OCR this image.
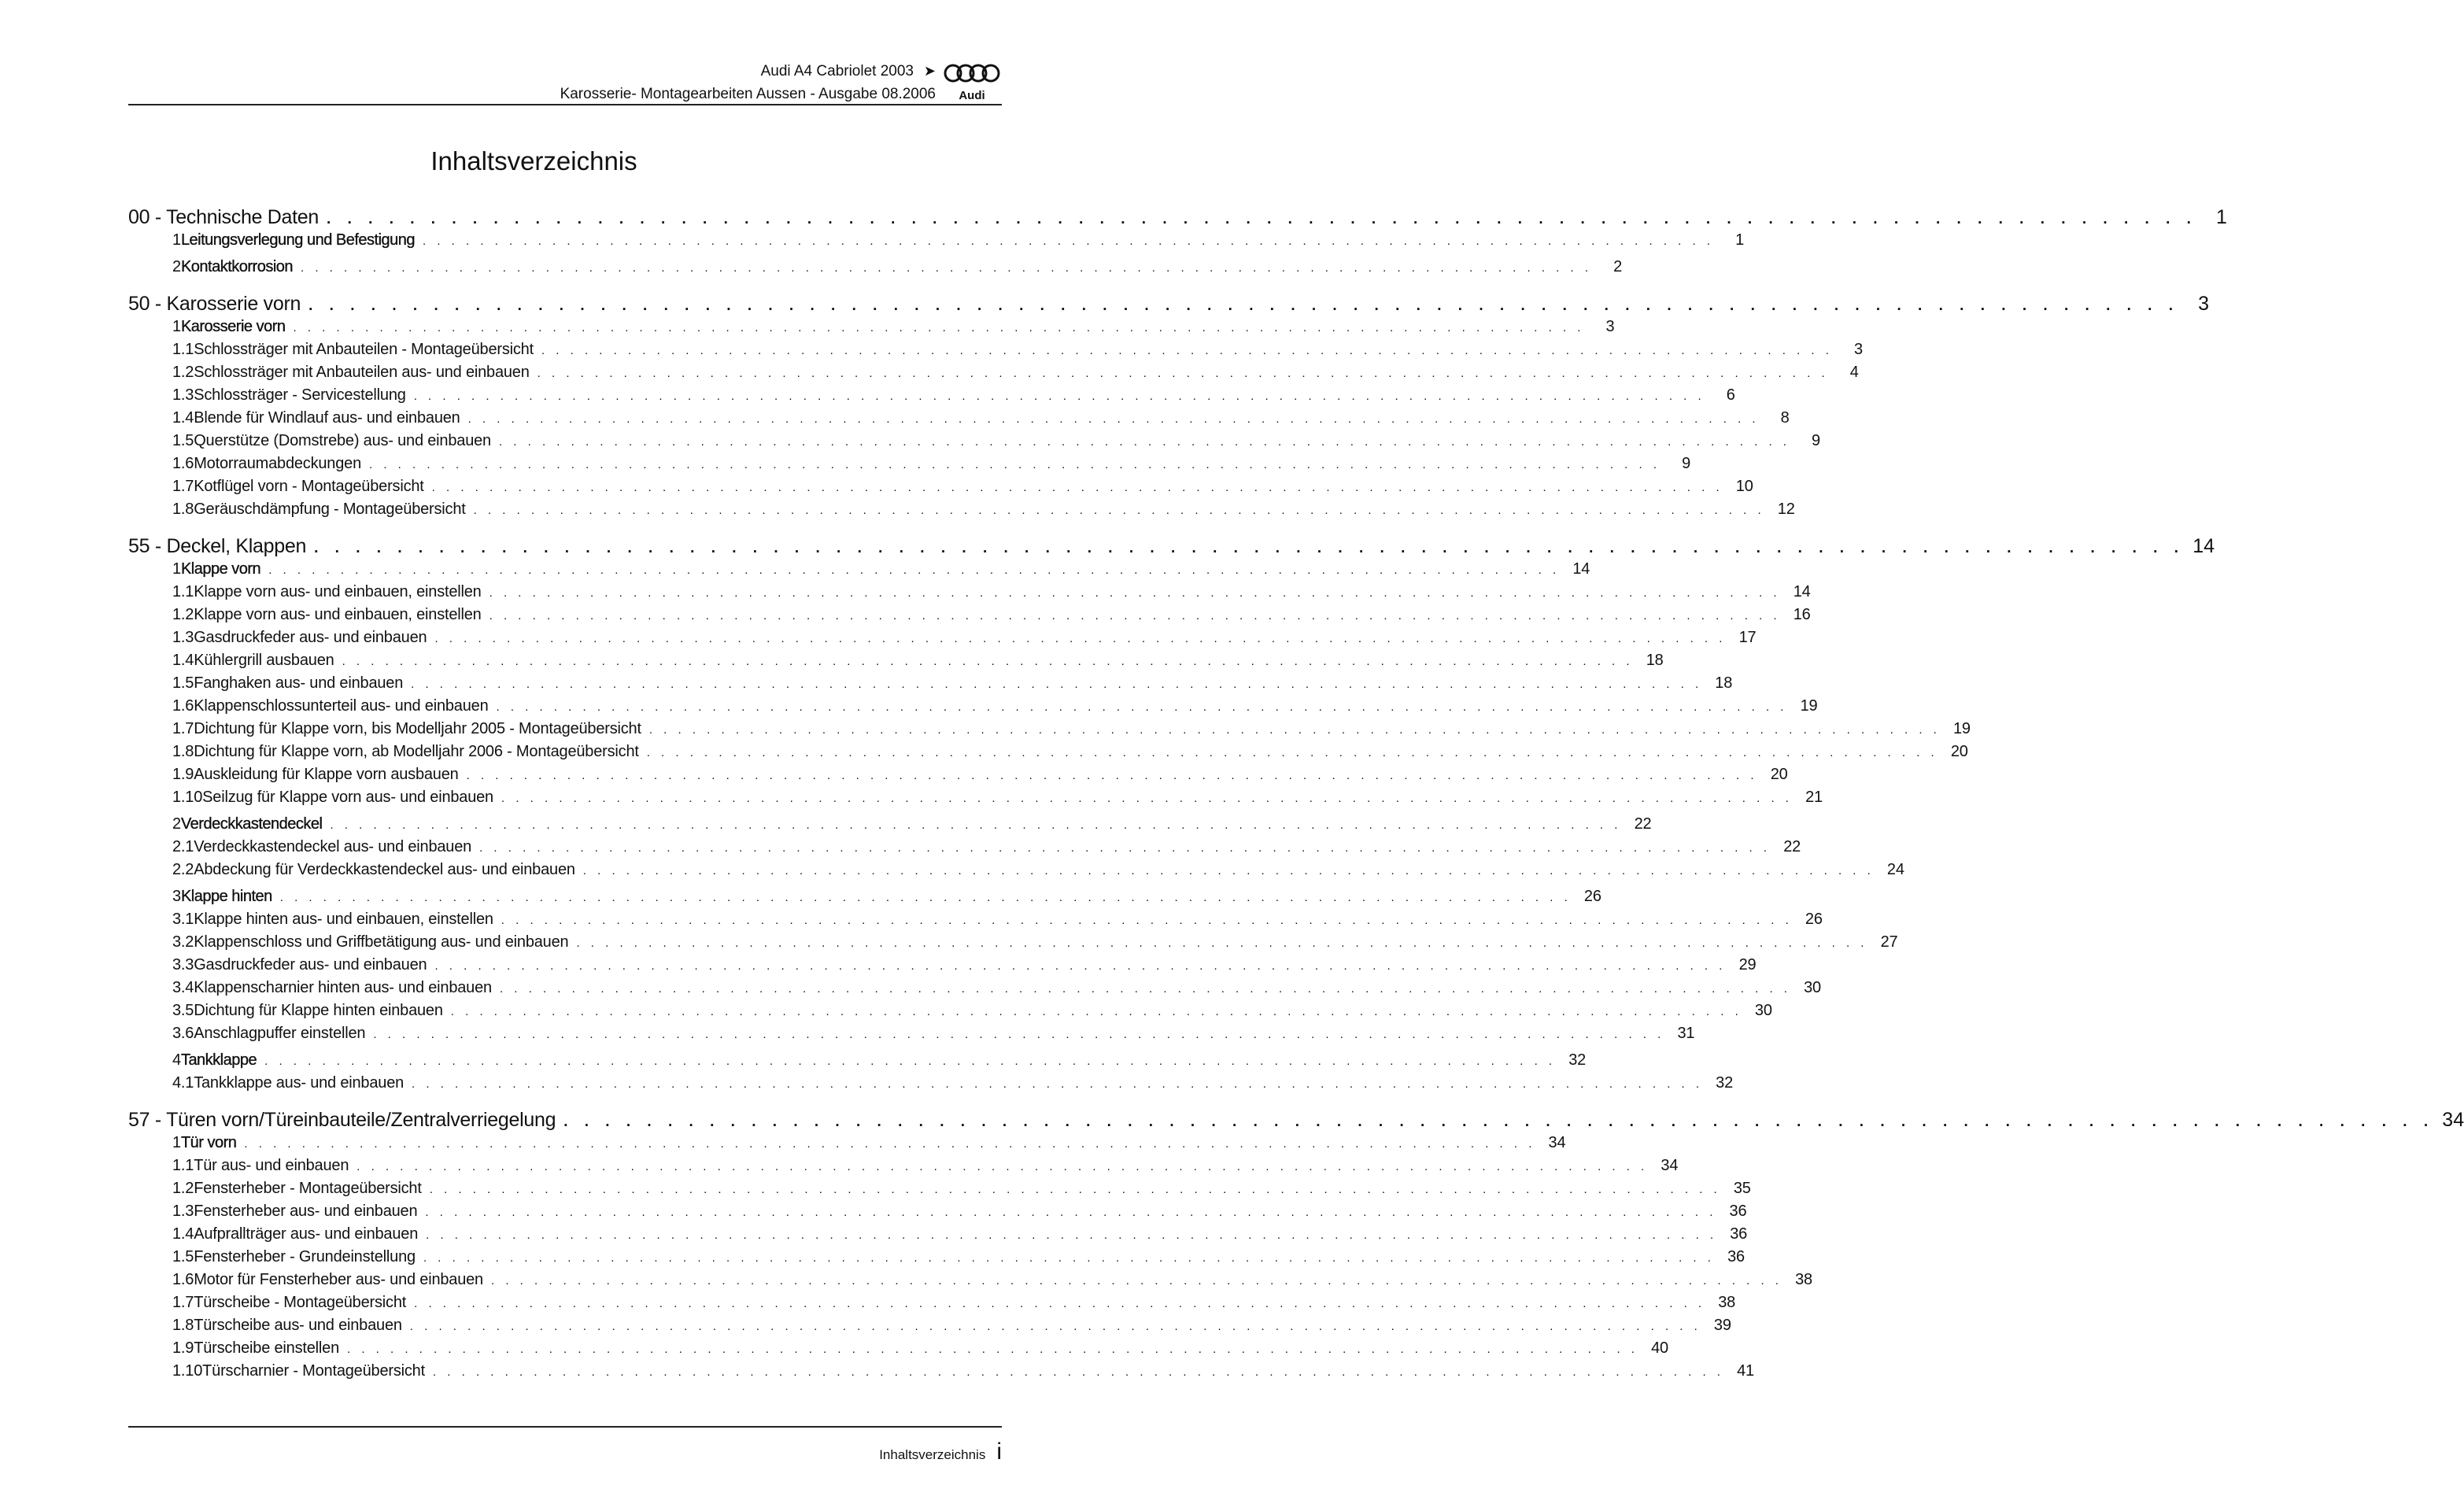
Audi A4 Cabriolet 2003 ➤
Karosserie- Montagearbeiten Aussen - Ausgabe 08.2006 Audi
Inhaltsverzeichnis
00 - Technische Daten . . . . . . . . . . . . . . . . . . . . . . . . . . . . . . . . . . . . . . . . . . . . . . . . . . . . . . . . . . . . . . . . . . . . . . . . . . . . . . . . . . . . . . . . . . 1
1 Leitungsverlegung und Befestigung . . . . . . . . . . . . . . . . . . . . . . . . . . . . . . . . . . . . . . . . . . . . . . . . . . . . . . . . . . . . . . . . . . . . . . . . . . . . . . . . . . . . . . . . . .	1
2 Kontaktkorrosion . . . . . . . . . . . . . . . . . . . . . . . . . . . . . . . . . . . . . . . . . . . . . . . . . . . . . . . . . . . . . . . . . . . . . . . . . . . . . . . . . . . . . . . . . .	2
50 - Karosserie vorn . . . . . . . . . . . . . . . . . . . . . . . . . . . . . . . . . . . . . . . . . . . . . . . . . . . . . . . . . . . . . . . . . . . . . . . . . . . . . . . . . . . . . . . . . . 3
1 Karosserie vorn . . . . . . . . . . . . . . . . . . . . . . . . . . . . . . . . . . . . . . . . . . . . . . . . . . . . . . . . . . . . . . . . . . . . . . . . . . . . . . . . . . . . . . . . . .	3
1.1 Schlossträger mit Anbauteilen - Montageübersicht . . . . . . . . . . . . . . . . . . . . . . . . . . . . . . . . . . . . . . . . . . . . . . . . . . . . . . . . . . . . . . . . . . . . . . . . . . . . . . . . . . . . . . . . . .	3
1.2 Schlossträger mit Anbauteilen aus- und einbauen . . . . . . . . . . . . . . . . . . . . . . . . . . . . . . . . . . . . . . . . . . . . . . . . . . . . . . . . . . . . . . . . . . . . . . . . . . . . . . . . . . . . . . . . . .	4
1.3 Schlossträger - Servicestellung . . . . . . . . . . . . . . . . . . . . . . . . . . . . . . . . . . . . . . . . . . . . . . . . . . . . . . . . . . . . . . . . . . . . . . . . . . . . . . . . . . . . . . . . . .	6
1.4 Blende für Windlauf aus- und einbauen . . . . . . . . . . . . . . . . . . . . . . . . . . . . . . . . . . . . . . . . . . . . . . . . . . . . . . . . . . . . . . . . . . . . . . . . . . . . . . . . . . . . . . . . . .	8
1.5 Querstütze (Domstrebe) aus- und einbauen . . . . . . . . . . . . . . . . . . . . . . . . . . . . . . . . . . . . . . . . . . . . . . . . . . . . . . . . . . . . . . . . . . . . . . . . . . . . . . . . . . . . . . . . . .	9
1.6 Motorraumabdeckungen . . . . . . . . . . . . . . . . . . . . . . . . . . . . . . . . . . . . . . . . . . . . . . . . . . . . . . . . . . . . . . . . . . . . . . . . . . . . . . . . . . . . . . . . . .	9
1.7 Kotflügel vorn - Montageübersicht . . . . . . . . . . . . . . . . . . . . . . . . . . . . . . . . . . . . . . . . . . . . . . . . . . . . . . . . . . . . . . . . . . . . . . . . . . . . . . . . . . . . . . . . . . 10
1.8 Geräuschdämpfung - Montageübersicht . . . . . . . . . . . . . . . . . . . . . . . . . . . . . . . . . . . . . . . . . . . . . . . . . . . . . . . . . . . . . . . . . . . . . . . . . . . . . . . . . . . . . . . . . . 12
55 - Deckel, Klappen . . . . . . . . . . . . . . . . . . . . . . . . . . . . . . . . . . . . . . . . . . . . . . . . . . . . . . . . . . . . . . . . . . . . . . . . . . . . . . . . . . . . . . . . . . 14
1 Klappe vorn . . . . . . . . . . . . . . . . . . . . . . . . . . . . . . . . . . . . . . . . . . . . . . . . . . . . . . . . . . . . . . . . . . . . . . . . . . . . . . . . . . . . . . . . . . 14
1.1 Klappe vorn aus- und einbauen, einstellen . . . . . . . . . . . . . . . . . . . . . . . . . . . . . . . . . . . . . . . . . . . . . . . . . . . . . . . . . . . . . . . . . . . . . . . . . . . . . . . . . . . . . . . . . . 14
1.2 Klappe vorn aus- und einbauen, einstellen . . . . . . . . . . . . . . . . . . . . . . . . . . . . . . . . . . . . . . . . . . . . . . . . . . . . . . . . . . . . . . . . . . . . . . . . . . . . . . . . . . . . . . . . . . 16
1.3 Gasdruckfeder aus- und einbauen . . . . . . . . . . . . . . . . . . . . . . . . . . . . . . . . . . . . . . . . . . . . . . . . . . . . . . . . . . . . . . . . . . . . . . . . . . . . . . . . . . . . . . . . . . 17
1.4 Kühlergrill ausbauen . . . . . . . . . . . . . . . . . . . . . . . . . . . . . . . . . . . . . . . . . . . . . . . . . . . . . . . . . . . . . . . . . . . . . . . . . . . . . . . . . . . . . . . . . . 18
1.5 Fanghaken aus- und einbauen . . . . . . . . . . . . . . . . . . . . . . . . . . . . . . . . . . . . . . . . . . . . . . . . . . . . . . . . . . . . . . . . . . . . . . . . . . . . . . . . . . . . . . . . . . 18
1.6 Klappenschlossunterteil aus- und einbauen . . . . . . . . . . . . . . . . . . . . . . . . . . . . . . . . . . . . . . . . . . . . . . . . . . . . . . . . . . . . . . . . . . . . . . . . . . . . . . . . . . . . . . . . . . 19
1.7 Dichtung für Klappe vorn, bis Modelljahr 2005 - Montageübersicht . . . . . . . . . . . . . . . . . . . . . . . . . . . . . . . . . . . . . . . . . . . . . . . . . . . . . . . . . . . . . . . . . . . . . . . . . . . . . . . . . . . . . . . . . . 19
1.8 Dichtung für Klappe vorn, ab Modelljahr 2006 - Montageübersicht . . . . . . . . . . . . . . . . . . . . . . . . . . . . . . . . . . . . . . . . . . . . . . . . . . . . . . . . . . . . . . . . . . . . . . . . . . . . . . . . . . . . . . . . . . 20
1.9 Auskleidung für Klappe vorn ausbauen . . . . . . . . . . . . . . . . . . . . . . . . . . . . . . . . . . . . . . . . . . . . . . . . . . . . . . . . . . . . . . . . . . . . . . . . . . . . . . . . . . . . . . . . . . 20
1.10 Seilzug für Klappe vorn aus- und einbauen . . . . . . . . . . . . . . . . . . . . . . . . . . . . . . . . . . . . . . . . . . . . . . . . . . . . . . . . . . . . . . . . . . . . . . . . . . . . . . . . . . . . . . . . . . 21
2 Verdeckkastendeckel . . . . . . . . . . . . . . . . . . . . . . . . . . . . . . . . . . . . . . . . . . . . . . . . . . . . . . . . . . . . . . . . . . . . . . . . . . . . . . . . . . . . . . . . . . 22
2.1 Verdeckkastendeckel aus- und einbauen . . . . . . . . . . . . . . . . . . . . . . . . . . . . . . . . . . . . . . . . . . . . . . . . . . . . . . . . . . . . . . . . . . . . . . . . . . . . . . . . . . . . . . . . . . 22
2.2 Abdeckung für Verdeckkastendeckel aus- und einbauen . . . . . . . . . . . . . . . . . . . . . . . . . . . . . . . . . . . . . . . . . . . . . . . . . . . . . . . . . . . . . . . . . . . . . . . . . . . . . . . . . . . . . . . . . . 24
3 Klappe hinten . . . . . . . . . . . . . . . . . . . . . . . . . . . . . . . . . . . . . . . . . . . . . . . . . . . . . . . . . . . . . . . . . . . . . . . . . . . . . . . . . . . . . . . . . . 26
3.1 Klappe hinten aus- und einbauen, einstellen . . . . . . . . . . . . . . . . . . . . . . . . . . . . . . . . . . . . . . . . . . . . . . . . . . . . . . . . . . . . . . . . . . . . . . . . . . . . . . . . . . . . . . . . . . 26
3.2 Klappenschloss und Griffbetätigung aus- und einbauen . . . . . . . . . . . . . . . . . . . . . . . . . . . . . . . . . . . . . . . . . . . . . . . . . . . . . . . . . . . . . . . . . . . . . . . . . . . . . . . . . . . . . . . . . . 27
3.3 Gasdruckfeder aus- und einbauen . . . . . . . . . . . . . . . . . . . . . . . . . . . . . . . . . . . . . . . . . . . . . . . . . . . . . . . . . . . . . . . . . . . . . . . . . . . . . . . . . . . . . . . . . . 29
3.4 Klappenscharnier hinten aus- und einbauen . . . . . . . . . . . . . . . . . . . . . . . . . . . . . . . . . . . . . . . . . . . . . . . . . . . . . . . . . . . . . . . . . . . . . . . . . . . . . . . . . . . . . . . . . . 30
3.5 Dichtung für Klappe hinten einbauen . . . . . . . . . . . . . . . . . . . . . . . . . . . . . . . . . . . . . . . . . . . . . . . . . . . . . . . . . . . . . . . . . . . . . . . . . . . . . . . . . . . . . . . . . . 30
3.6 Anschlagpuffer einstellen . . . . . . . . . . . . . . . . . . . . . . . . . . . . . . . . . . . . . . . . . . . . . . . . . . . . . . . . . . . . . . . . . . . . . . . . . . . . . . . . . . . . . . . . . . 31
4 Tankklappe . . . . . . . . . . . . . . . . . . . . . . . . . . . . . . . . . . . . . . . . . . . . . . . . . . . . . . . . . . . . . . . . . . . . . . . . . . . . . . . . . . . . . . . . . . 32
4.1 Tankklappe aus- und einbauen . . . . . . . . . . . . . . . . . . . . . . . . . . . . . . . . . . . . . . . . . . . . . . . . . . . . . . . . . . . . . . . . . . . . . . . . . . . . . . . . . . . . . . . . . . 32
57 - Türen vorn/Türeinbauteile/Zentralverriegelung . . . . . . . . . . . . . . . . . . . . . . . . . . . . . . . . . . . . . . . . . . . . . . . . . . . . . . . . . . . . . . . . . . . . . . . . . . . . . . . . . . . . . . . . . . 34
1 Tür vorn . . . . . . . . . . . . . . . . . . . . . . . . . . . . . . . . . . . . . . . . . . . . . . . . . . . . . . . . . . . . . . . . . . . . . . . . . . . . . . . . . . . . . . . . . . 34
1.1 Tür aus- und einbauen . . . . . . . . . . . . . . . . . . . . . . . . . . . . . . . . . . . . . . . . . . . . . . . . . . . . . . . . . . . . . . . . . . . . . . . . . . . . . . . . . . . . . . . . . . 34
1.2 Fensterheber - Montageübersicht . . . . . . . . . . . . . . . . . . . . . . . . . . . . . . . . . . . . . . . . . . . . . . . . . . . . . . . . . . . . . . . . . . . . . . . . . . . . . . . . . . . . . . . . . . 35
1.3 Fensterheber aus- und einbauen . . . . . . . . . . . . . . . . . . . . . . . . . . . . . . . . . . . . . . . . . . . . . . . . . . . . . . . . . . . . . . . . . . . . . . . . . . . . . . . . . . . . . . . . . . 36
1.4 Aufprallträger aus- und einbauen . . . . . . . . . . . . . . . . . . . . . . . . . . . . . . . . . . . . . . . . . . . . . . . . . . . . . . . . . . . . . . . . . . . . . . . . . . . . . . . . . . . . . . . . . . 36
1.5 Fensterheber - Grundeinstellung . . . . . . . . . . . . . . . . . . . . . . . . . . . . . . . . . . . . . . . . . . . . . . . . . . . . . . . . . . . . . . . . . . . . . . . . . . . . . . . . . . . . . . . . . . 36
1.6 Motor für Fensterheber aus- und einbauen . . . . . . . . . . . . . . . . . . . . . . . . . . . . . . . . . . . . . . . . . . . . . . . . . . . . . . . . . . . . . . . . . . . . . . . . . . . . . . . . . . . . . . . . . . 38
1.7 Türscheibe - Montageübersicht . . . . . . . . . . . . . . . . . . . . . . . . . . . . . . . . . . . . . . . . . . . . . . . . . . . . . . . . . . . . . . . . . . . . . . . . . . . . . . . . . . . . . . . . . . 38
1.8 Türscheibe aus- und einbauen . . . . . . . . . . . . . . . . . . . . . . . . . . . . . . . . . . . . . . . . . . . . . . . . . . . . . . . . . . . . . . . . . . . . . . . . . . . . . . . . . . . . . . . . . . 39
1.9 Türscheibe einstellen . . . . . . . . . . . . . . . . . . . . . . . . . . . . . . . . . . . . . . . . . . . . . . . . . . . . . . . . . . . . . . . . . . . . . . . . . . . . . . . . . . . . . . . . . . 40
1.10 Türscharnier - Montageübersicht . . . . . . . . . . . . . . . . . . . . . . . . . . . . . . . . . . . . . . . . . . . . . . . . . . . . . . . . . . . . . . . . . . . . . . . . . . . . . . . . . . . . . . . . . . 41
Inhaltsverzeichnis i
